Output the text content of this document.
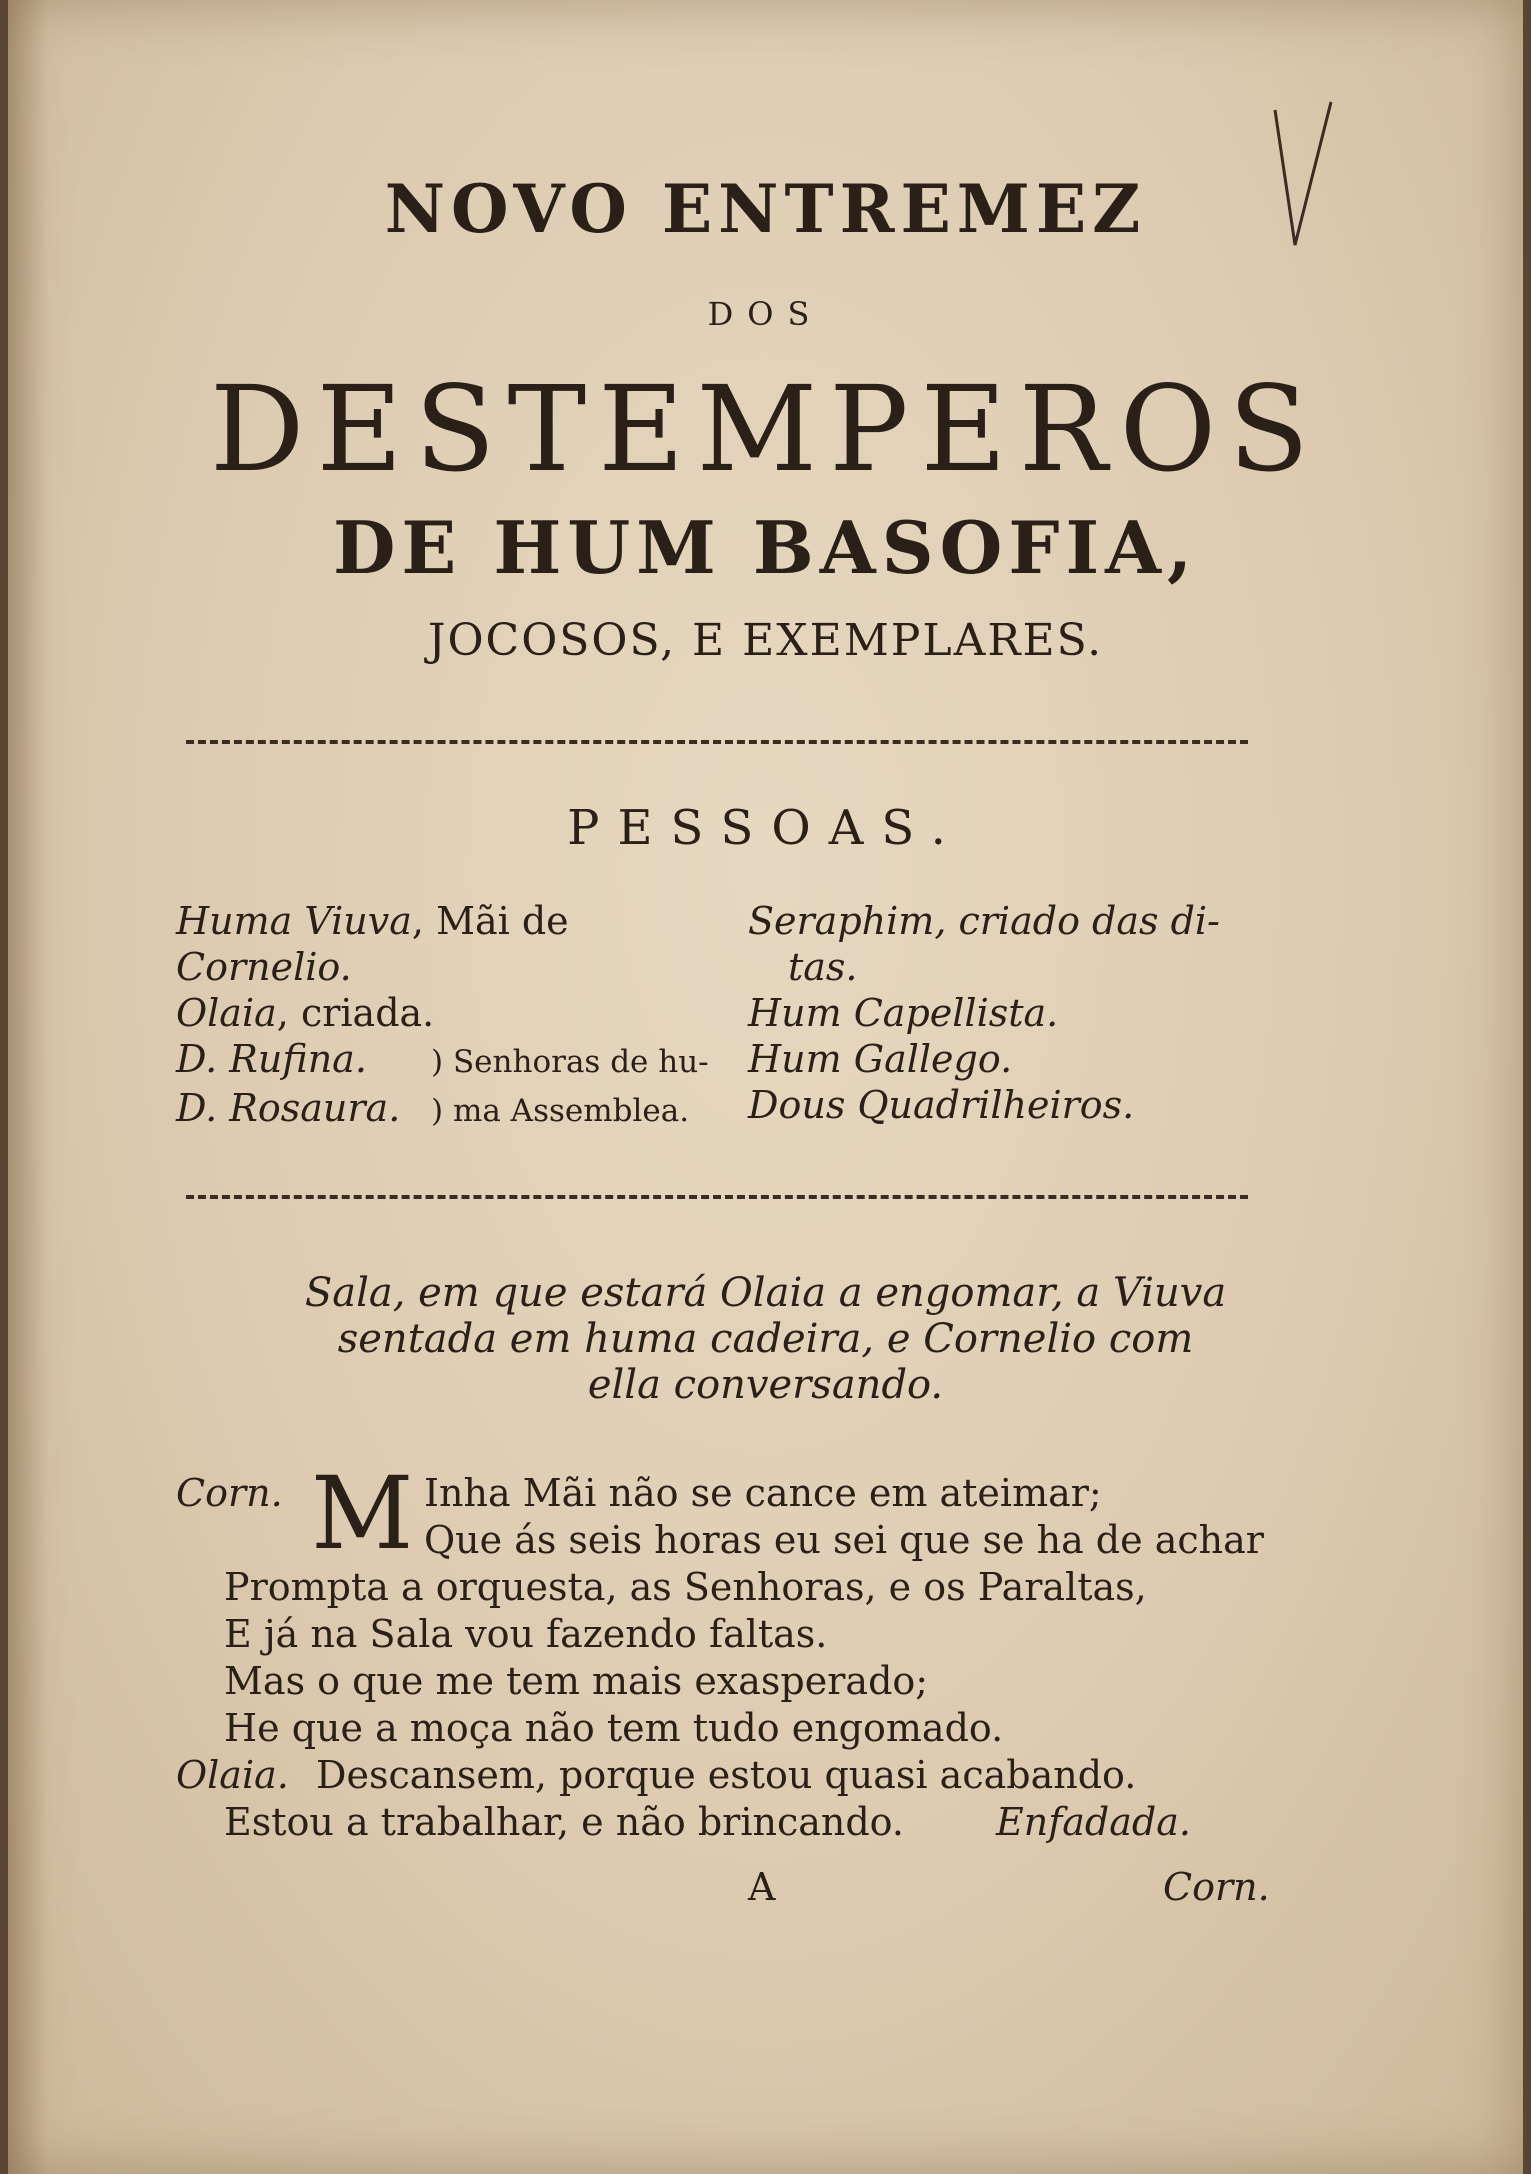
NOVO ENTREMEZ
DOS
DESTEMPEROS
DE HUM BASOFIA,
JOCOSOS, E EXEMPLARES.
PESSOAS.
Huma Viuva, Mãi de
Cornelio.
Olaia, criada.
D. Rufina. ) Senhoras de hu-
D. Rosaura. ) ma Assemblea.
Seraphim, criado das di-
tas.
Hum Capellista.
Hum Gallego.
Dous Quadrilheiros.
Sala, em que estará Olaia a engomar, a Viuva
sentada em huma cadeira, e Cornelio com
ella conversando.
Corn. M Inha Mãi não se cance em ateimar;
Que ás seis horas eu sei que se ha de achar
Prompta a orquesta, as Senhoras, e os Paraltas,
E já na Sala vou fazendo faltas.
Mas o que me tem mais exasperado;
He que a moça não tem tudo engomado.
Olaia. Descansem, porque estou quasi acabando.
Estou a trabalhar, e não brincando. Enfadada.
A	Corn.
